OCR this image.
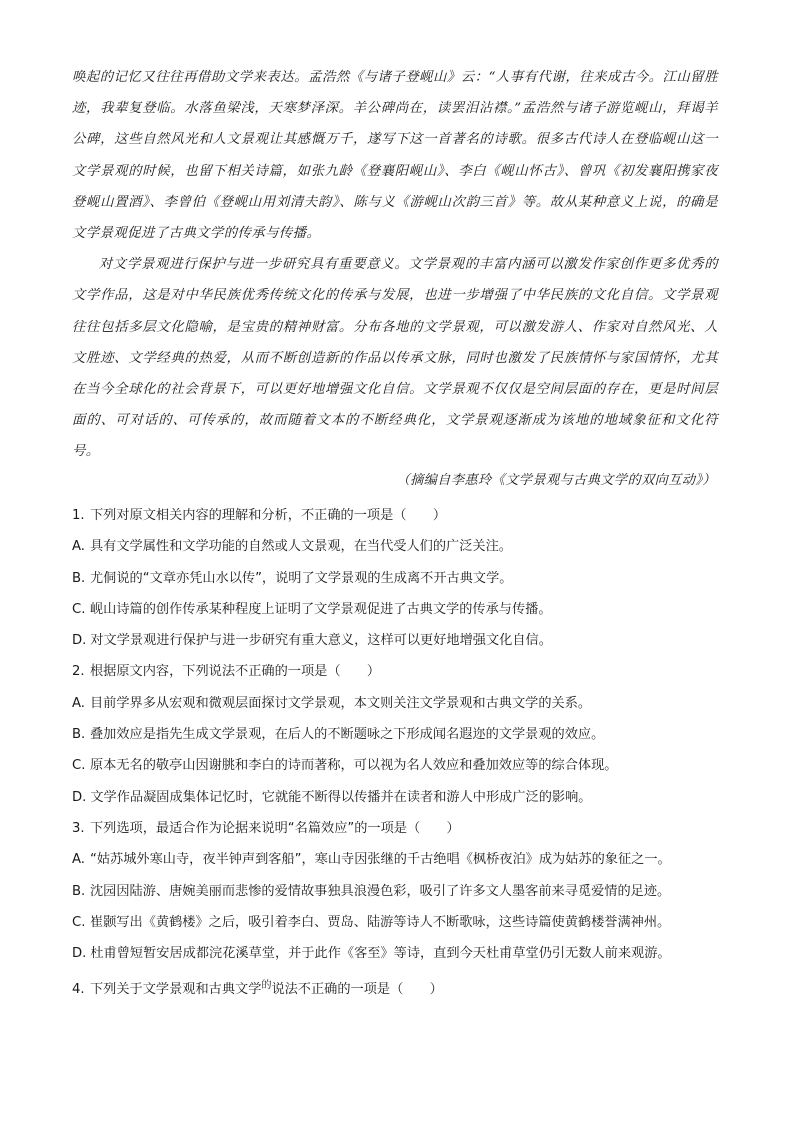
唤起的记忆又往往再借助文学来表达。孟浩然《与诸子登岘山》云：“人事有代谢，往来成古今。江山留胜迹，我辈复登临。水落鱼梁浅，天寒梦泽深。羊公碑尚在，读罢泪沾襟。”孟浩然与诸子游览岘山，拜谒羊公碑，这些自然风光和人文景观让其感慨万千，遂写下这一首著名的诗歌。很多古代诗人在登临岘山这一文学景观的时候，也留下相关诗篇，如张九龄《登襄阳岘山》、李白《岘山怀古》、曾巩《初发襄阳携家夜登岘山置酒》、李曾伯《登岘山用刘清夫韵》、陈与义《游岘山次韵三首》等。故从某种意义上说，的确是文学景观促进了古典文学的传承与传播。

对文学景观进行保护与进一步研究具有重要意义。文学景观的丰富内涵可以激发作家创作更多优秀的文学作品，这是对中华民族优秀传统文化的传承与发展，也进一步增强了中华民族的文化自信。文学景观往往包括多层文化隐喻，是宝贵的精神财富。分布各地的文学景观，可以激发游人、作家对自然风光、人文胜迹、文学经典的热爱，从而不断创造新的作品以传承文脉，同时也激发了民族情怀与家国情怀，尤其在当今全球化的社会背景下，可以更好地增强文化自信。文学景观不仅仅是空间层面的存在，更是时间层面的、可对话的、可传承的，故而随着文本的不断经典化，文学景观逐渐成为该地的地域象征和文化符号。

（摘编自李惠玲《文学景观与古典文学的双向互动》）
1. 下列对原文相关内容的理解和分析，不正确的一项是（　　）
A. 具有文学属性和文学功能的自然或人文景观，在当代受人们的广泛关注。
B. 尤侗说的“文章亦凭山水以传”，说明了文学景观的生成离不开古典文学。
C. 岘山诗篇的创作传承某种程度上证明了文学景观促进了古典文学的传承与传播。
D. 对文学景观进行保护与进一步研究有重大意义，这样可以更好地增强文化自信。
2. 根据原文内容，下列说法不正确的一项是（　　）
A. 目前学界多从宏观和微观层面探讨文学景观，本文则关注文学景观和古典文学的关系。
B. 叠加效应是指先生成文学景观，在后人的不断题咏之下形成闻名遐迩的文学景观的效应。
C. 原本无名的敬亭山因谢朓和李白的诗而著称，可以视为名人效应和叠加效应等的综合体现。
D. 文学作品凝固成集体记忆时，它就能不断得以传播并在读者和游人中形成广泛的影响。
3. 下列选项，最适合作为论据来说明“名篇效应”的一项是（　　）
A. “姑苏城外寒山寺，夜半钟声到客船”，寒山寺因张继的千古绝唱《枫桥夜泊》成为姑苏的象征之一。
B. 沈园因陆游、唐婉美丽而悲惨的爱情故事独具浪漫色彩，吸引了许多文人墨客前来寻觅爱情的足迹。
C. 崔颢写出《黄鹤楼》之后，吸引着李白、贾岛、陆游等诗人不断歌咏，这些诗篇使黄鹤楼誉满神州。
D. 杜甫曾短暂安居成都浣花溪草堂，并于此作《客至》等诗，直到今天杜甫草堂仍引无数人前来观游。
4. 下列关于文学景观和古典文学$^的$说法不正确的一项是（　　）
